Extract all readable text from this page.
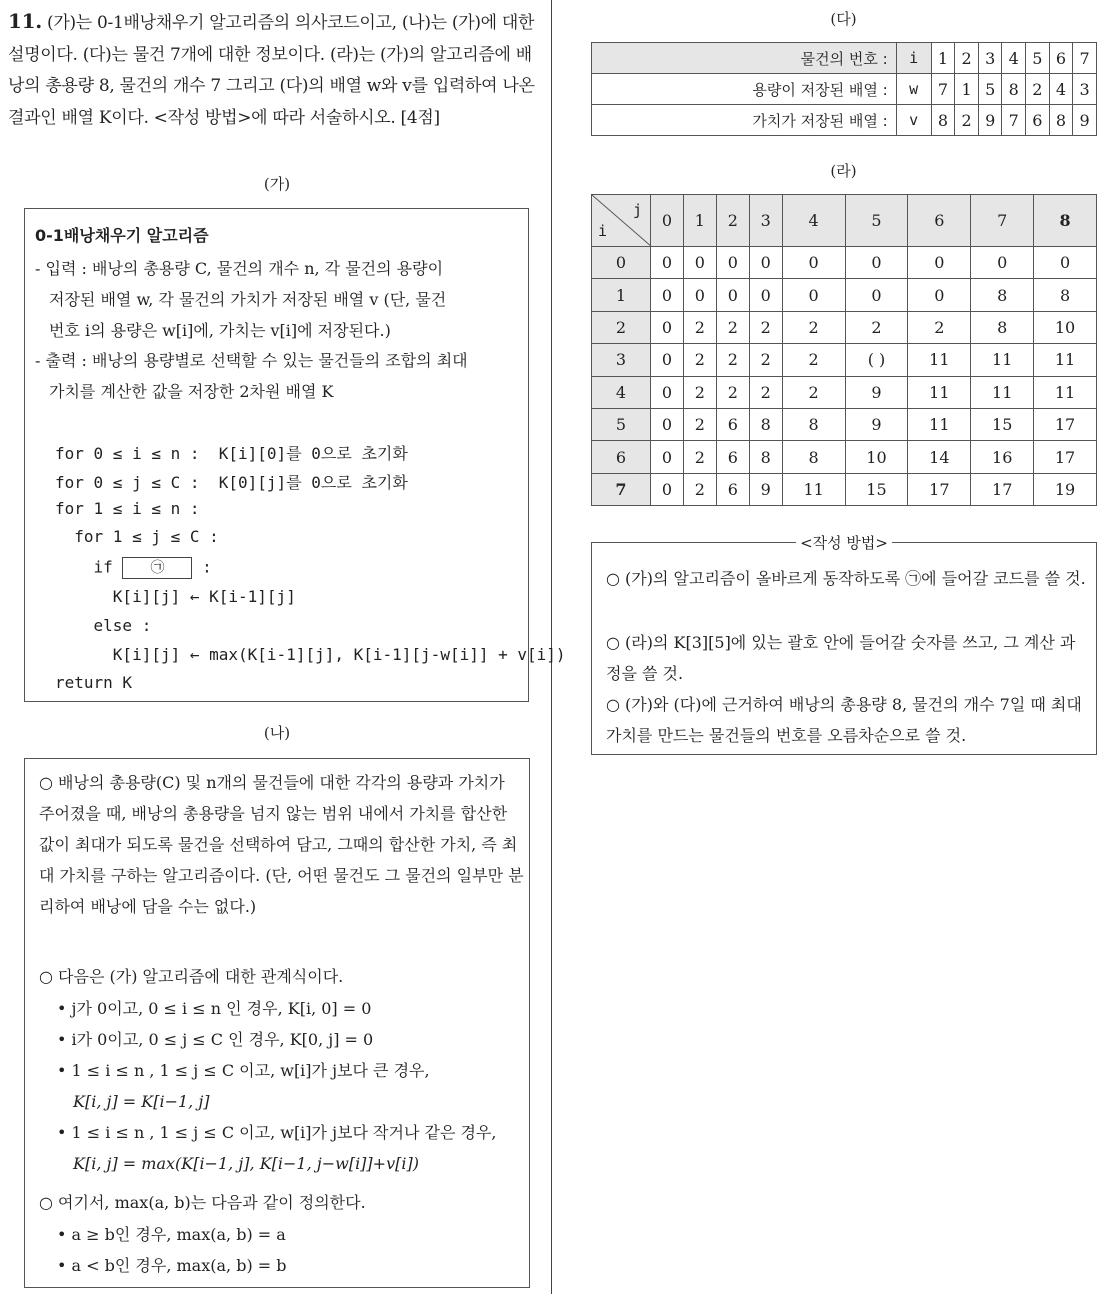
11. (가)는 0-1배낭채우기 알고리즘의 의사코드이고, (나)는 (가)에 대한 설명이다. (다)는 물건 7개에 대한 정보이다. (라)는 (가)의 알고리즘에 배낭의 총용량 8, 물건의 개수 7 그리고 (다)의 배열 w와 v를 입력하여 나온 결과인 배열 K이다. <작성 방법>에 따라 서술하시오. [4점]
(가)
0-1배낭채우기 알고리즘
- 입력 : 배낭의 총용량 C, 물건의 개수 n, 각 물건의 용량이
저장된 배열 w, 각 물건의 가치가 저장된 배열 v (단, 물건
번호 i의 용량은 w[i]에, 가치는 v[i]에 저장된다.)
- 출력 : 배낭의 용량별로 선택할 수 있는 물건들의 조합의 최대
가치를 계산한 값을 저장한 2차원 배열 K
for 0 ≤ i ≤ n :  K[i][0]를 0으로 초기화
for 0 ≤ j ≤ C :  K[0][j]를 0으로 초기화
for 1 ≤ i ≤ n :
for 1 ≤ j ≤ C :
if	㉠ :
K[i][j] ← K[i-1][j]
else :
K[i][j] ← max(K[i-1][j], K[i-1][j-w[i]] + v[i])
return K
(나)
○ 배낭의 총용량(C) 및 n개의 물건들에 대한 각각의 용량과 가치가 주어졌을 때, 배낭의 총용량을 넘지 않는 범위 내에서 가치를 합산한 값이 최대가 되도록 물건을 선택하여 담고, 그때의 합산한 가치, 즉 최대 가치를 구하는 알고리즘이다. (단, 어떤 물건도 그 물건의 일부만 분리하여 배낭에 담을 수는 없다.)
○ 다음은 (가) 알고리즘에 대한 관계식이다.
• j가 0이고, 0 ≤ i ≤ n 인 경우, K[i, 0] = 0
• i가 0이고, 0 ≤ j ≤ C 인 경우, K[0, j] = 0
• 1 ≤ i ≤ n , 1 ≤ j ≤ C 이고, w[i]가 j보다 큰 경우,
K[i, j] = K[i−1, j]
• 1 ≤ i ≤ n , 1 ≤ j ≤ C 이고, w[i]가 j보다 작거나 같은 경우,
K[i, j] = max(K[i−1, j], K[i−1, j−w[i]]+v[i])
○ 여기서, max(a, b)는 다음과 같이 정의한다.
• a ≥ b인 경우, max(a, b) = a
• a < b인 경우, max(a, b) = b
(다)
물건의 번호 :	i	1	2	3	4	5	6	7
용량이 저장된 배열 :	w	7	1	5	8	2	4	3
가치가 저장된 배열 :	v	8	2	9	7	6	8	9
(라)
j
i	0	1	2	3	4	5	6	7	8
0	0	0	0	0	0	0	0	0	0
1	0	0	0	0	0	0	0	8	8
2	0	2	2	2	2	2	2	8	10
3	0	2	2	2	2	( )	11	11	11
4	0	2	2	2	2	9	11	11	11
5	0	2	6	8	8	9	11	15	17
6	0	2	6	8	8	10	14	16	17
7	0	2	6	9	11	15	17	17	19
<작성 방법>
○ (가)의 알고리즘이 올바르게 동작하도록 ㉠에 들어갈 코드를 쓸 것.
○ (라)의 K[3][5]에 있는 괄호 안에 들어갈 숫자를 쓰고, 그 계산 과정을 쓸 것.
○ (가)와 (다)에 근거하여 배낭의 총용량 8, 물건의 개수 7일 때 최대 가치를 만드는 물건들의 번호를 오름차순으로 쓸 것.
